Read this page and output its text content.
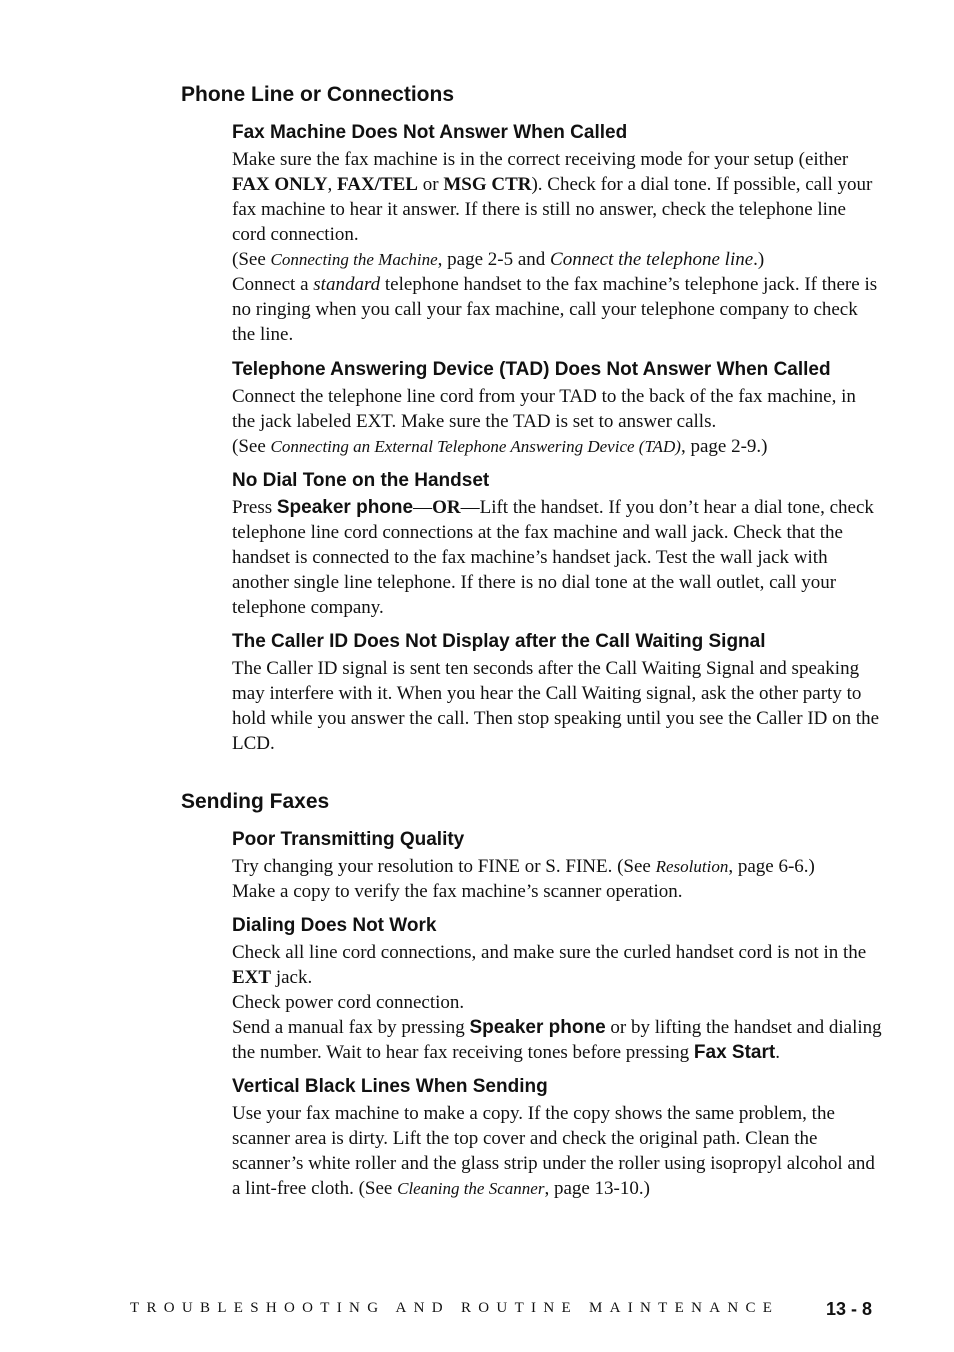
Phone Line or Connections
Fax Machine Does Not Answer When Called

Make sure the fax machine is in the correct receiving mode for your setup (either FAX ONLY, FAX/TEL or MSG CTR). Check for a dial tone. If possible, call your fax machine to hear it answer. If there is still no answer, check the telephone line cord connection.

(See Connecting the Machine, page 2-5 and Connect the telephone line.)

Connect a standard telephone handset to the fax machine’s telephone jack. If there is no ringing when you call your fax machine, call your telephone company to check the line.

Telephone Answering Device (TAD) Does Not Answer When Called

Connect the telephone line cord from your TAD to the back of the fax machine, in the jack labeled EXT. Make sure the TAD is set to answer calls.

(See Connecting an External Telephone Answering Device (TAD), page 2-9.)

No Dial Tone on the Handset

Press Speaker phone—OR—Lift the handset. If you don’t hear a dial tone, check telephone line cord connections at the fax machine and wall jack. Check that the handset is connected to the fax machine’s handset jack. Test the wall jack with another single line telephone. If there is no dial tone at the wall outlet, call your telephone company.

The Caller ID Does Not Display after the Call Waiting Signal

The Caller ID signal is sent ten seconds after the Call Waiting Signal and speaking may interfere with it. When you hear the Call Waiting signal, ask the other party to hold while you answer the call. Then stop speaking until you see the Caller ID on the LCD.

Sending Faxes
Poor Transmitting Quality

Try changing your resolution to FINE or S. FINE. (See Resolution, page 6-6.)

Make a copy to verify the fax machine’s scanner operation.

Dialing Does Not Work

Check all line cord connections, and make sure the curled handset cord is not in the EXT jack.

Check power cord connection.

Send a manual fax by pressing Speaker phone or by lifting the handset and dialing the number. Wait to hear fax receiving tones before pressing Fax Start.

Vertical Black Lines When Sending

Use your fax machine to make a copy. If the copy shows the same problem, the scanner area is dirty. Lift the top cover and check the original path. Clean the scanner’s white roller and the glass strip under the roller using isopropyl alcohol and a lint-free cloth. (See Cleaning the Scanner, page 13-10.)

TROUBLESHOOTING AND ROUTINE MAINTENANCE	13 - 8
